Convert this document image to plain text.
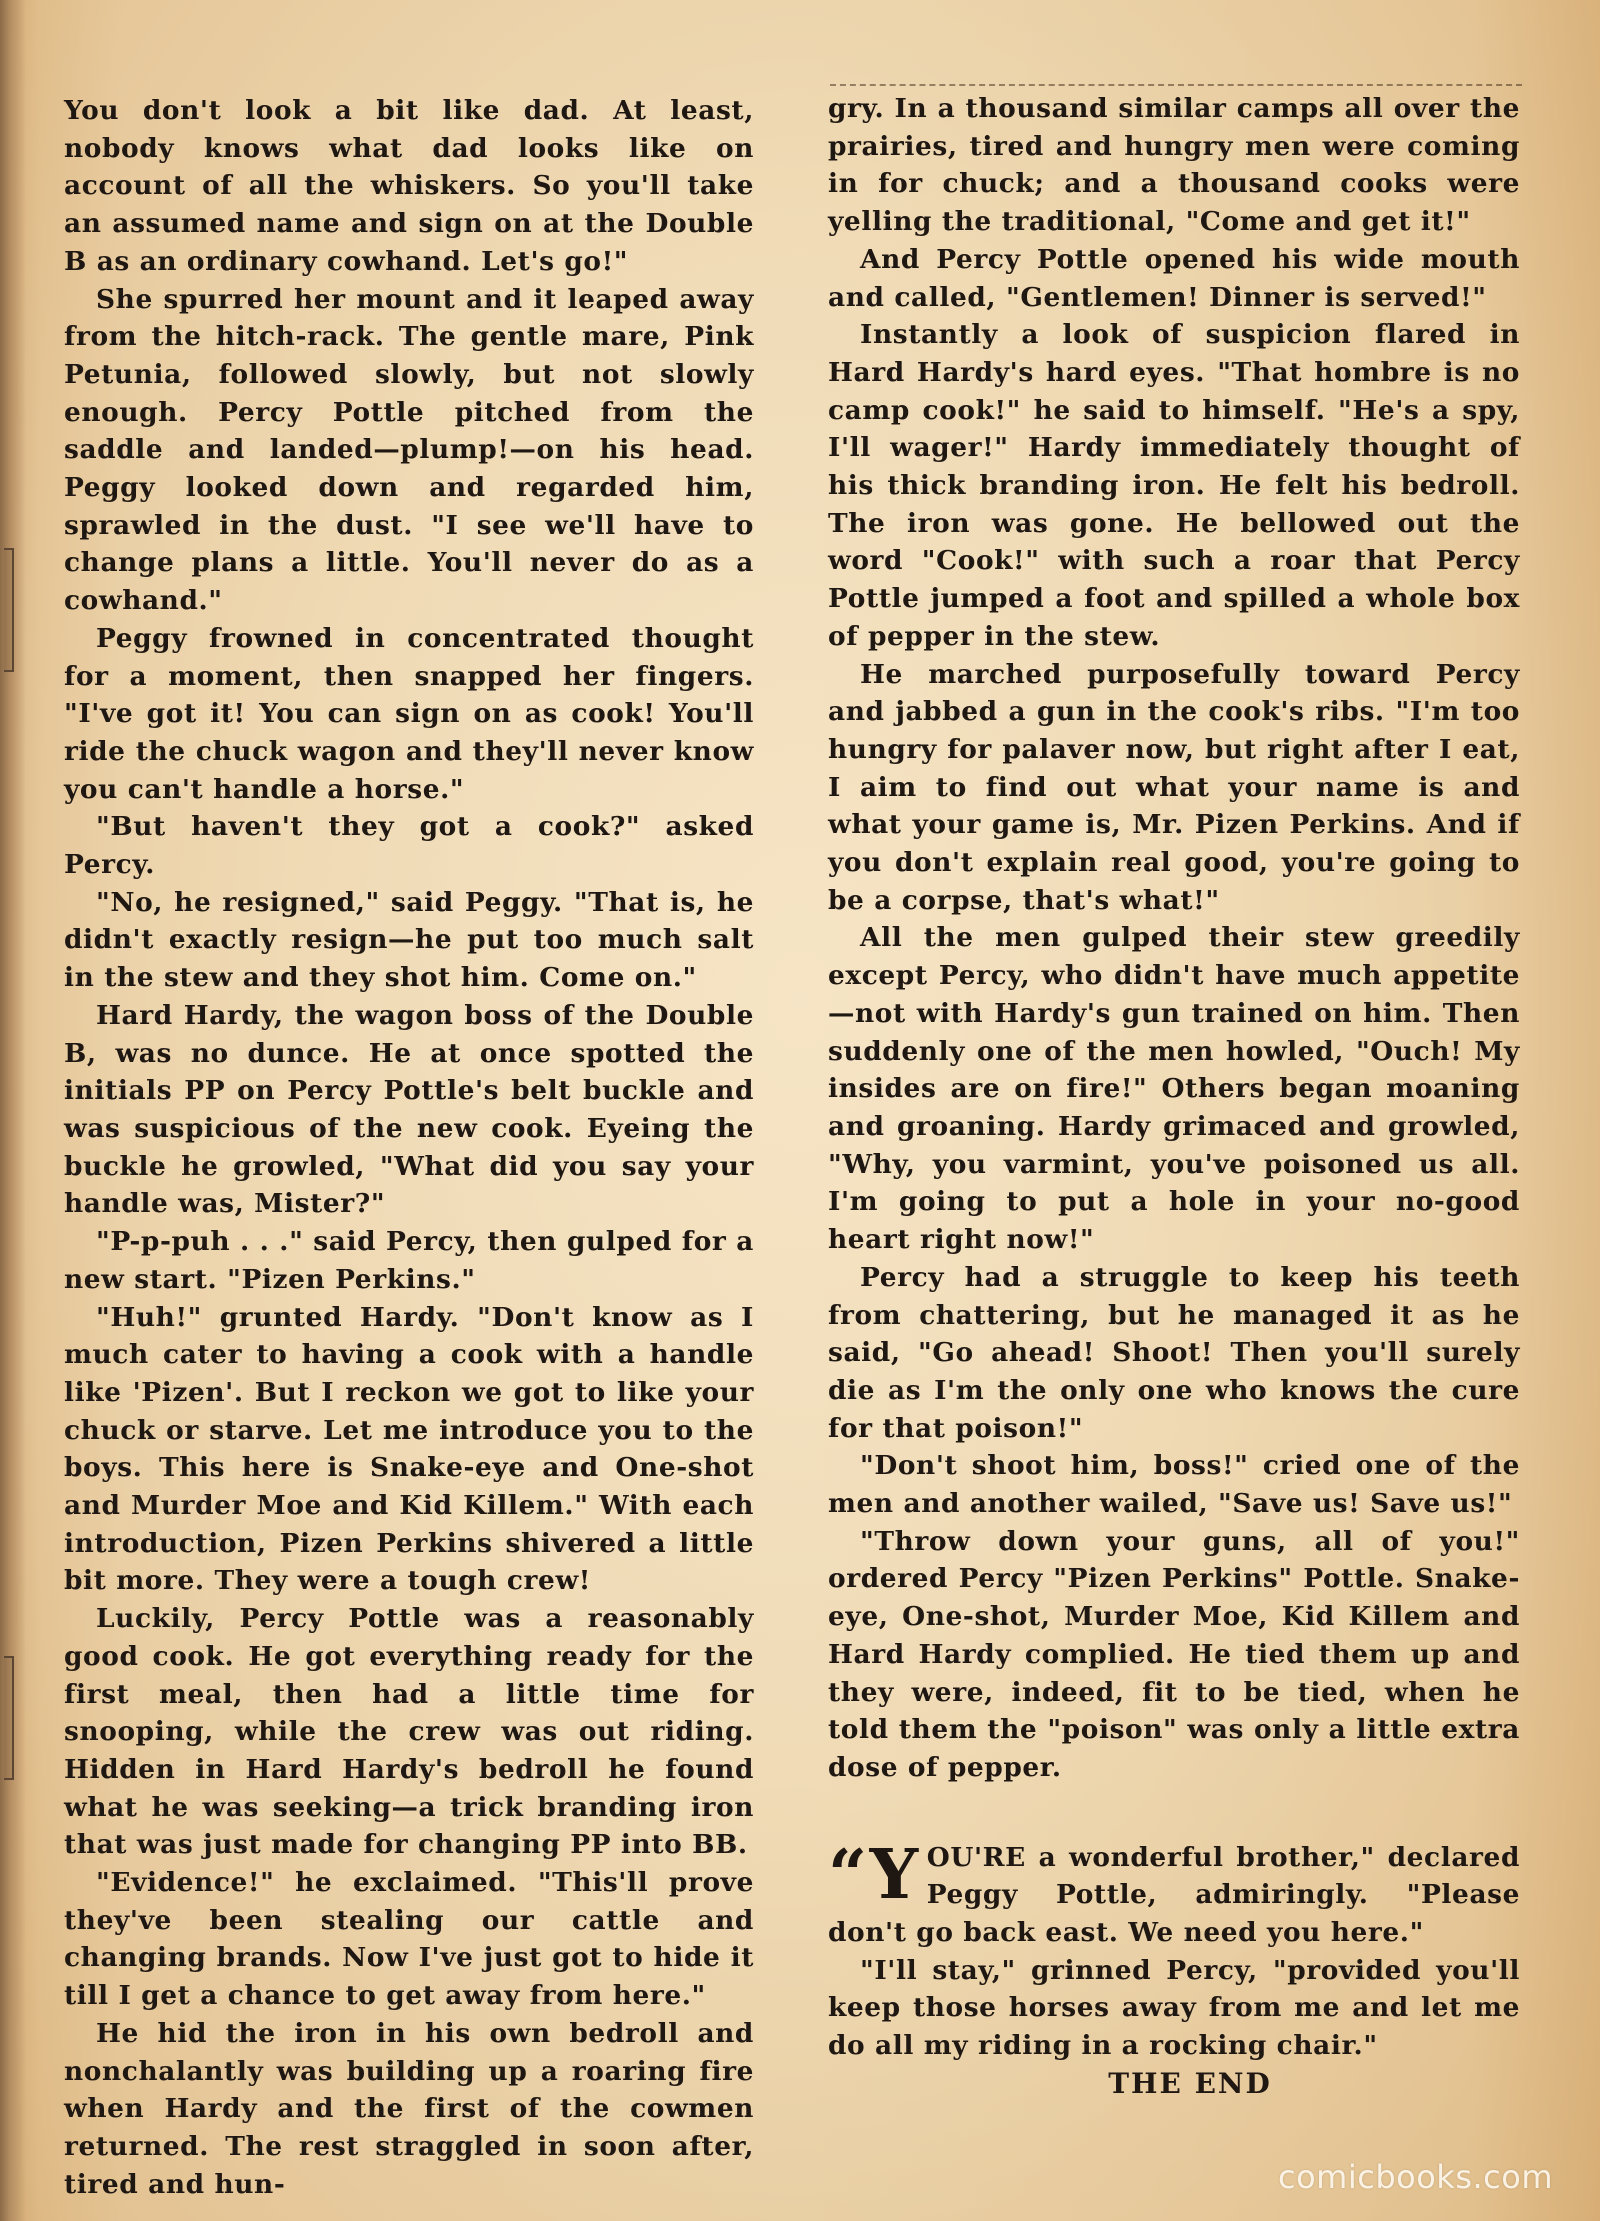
You don't look a bit like dad. At least, nobody knows what dad looks like on account of all the whiskers. So you'll take an assumed name and sign on at the Double B as an ordinary cowhand. Let's go!"

She spurred her mount and it leaped away from the hitch-rack. The gentle mare, Pink Petunia, followed slowly, but not slowly enough. Percy Pottle pitched from the saddle and landed—plump!—on his head. Peggy looked down and regarded him, sprawled in the dust. "I see we'll have to change plans a little. You'll never do as a cowhand."

Peggy frowned in concentrated thought for a moment, then snapped her fingers. "I've got it! You can sign on as cook! You'll ride the chuck wagon and they'll never know you can't handle a horse."

"But haven't they got a cook?" asked Percy.

"No, he resigned," said Peggy. "That is, he didn't exactly resign—he put too much salt in the stew and they shot him. Come on."

Hard Hardy, the wagon boss of the Double B, was no dunce. He at once spotted the initials PP on Percy Pottle's belt buckle and was suspicious of the new cook. Eyeing the buckle he growled, "What did you say your handle was, Mister?"

"P-p-puh . . ." said Percy, then gulped for a new start. "Pizen Perkins."

"Huh!" grunted Hardy. "Don't know as I much cater to having a cook with a handle like 'Pizen'. But I reckon we got to like your chuck or starve. Let me introduce you to the boys. This here is Snake-eye and One-shot and Murder Moe and Kid Killem." With each introduction, Pizen Perkins shivered a little bit more. They were a tough crew!

Luckily, Percy Pottle was a reasonably good cook. He got everything ready for the first meal, then had a little time for snooping, while the crew was out riding. Hidden in Hard Hardy's bedroll he found what he was seeking—a trick branding iron that was just made for changing PP into BB.

"Evidence!" he exclaimed. "This'll prove they've been stealing our cattle and changing brands. Now I've just got to hide it till I get a chance to get away from here."

He hid the iron in his own bedroll and nonchalantly was building up a roaring fire when Hardy and the first of the cowmen returned. The rest straggled in soon after, tired and hun-

gry. In a thousand similar camps all over the prairies, tired and hungry men were coming in for chuck; and a thousand cooks were yelling the traditional, "Come and get it!"

And Percy Pottle opened his wide mouth and called, "Gentlemen! Dinner is served!"

Instantly a look of suspicion flared in Hard Hardy's hard eyes. "That hombre is no camp cook!" he said to himself. "He's a spy, I'll wager!" Hardy immediately thought of his thick branding iron. He felt his bedroll. The iron was gone. He bellowed out the word "Cook!" with such a roar that Percy Pottle jumped a foot and spilled a whole box of pepper in the stew.

He marched purposefully toward Percy and jabbed a gun in the cook's ribs. "I'm too hungry for palaver now, but right after I eat, I aim to find out what your name is and what your game is, Mr. Pizen Perkins. And if you don't explain real good, you're going to be a corpse, that's what!"

All the men gulped their stew greedily except Percy, who didn't have much appetite—not with Hardy's gun trained on him. Then suddenly one of the men howled, "Ouch! My insides are on fire!" Others began moaning and groaning. Hardy grimaced and growled, "Why, you varmint, you've poisoned us all. I'm going to put a hole in your no-good heart right now!"

Percy had a struggle to keep his teeth from chattering, but he managed it as he said, "Go ahead! Shoot! Then you'll surely die as I'm the only one who knows the cure for that poison!"

"Don't shoot him, boss!" cried one of the men and another wailed, "Save us! Save us!"

"Throw down your guns, all of you!" ordered Percy "Pizen Perkins" Pottle. Snake-eye, One-shot, Murder Moe, Kid Killem and Hard Hardy complied. He tied them up and they were, indeed, fit to be tied, when he told them the "poison" was only a little extra dose of pepper.

“YOU'RE a wonderful brother," declared Peggy Pottle, admiringly. "Please don't go back east. We need you here."

"I'll stay," grinned Percy, "provided you'll keep those horses away from me and let me do all my riding in a rocking chair."

THE END

comicbooks.com
